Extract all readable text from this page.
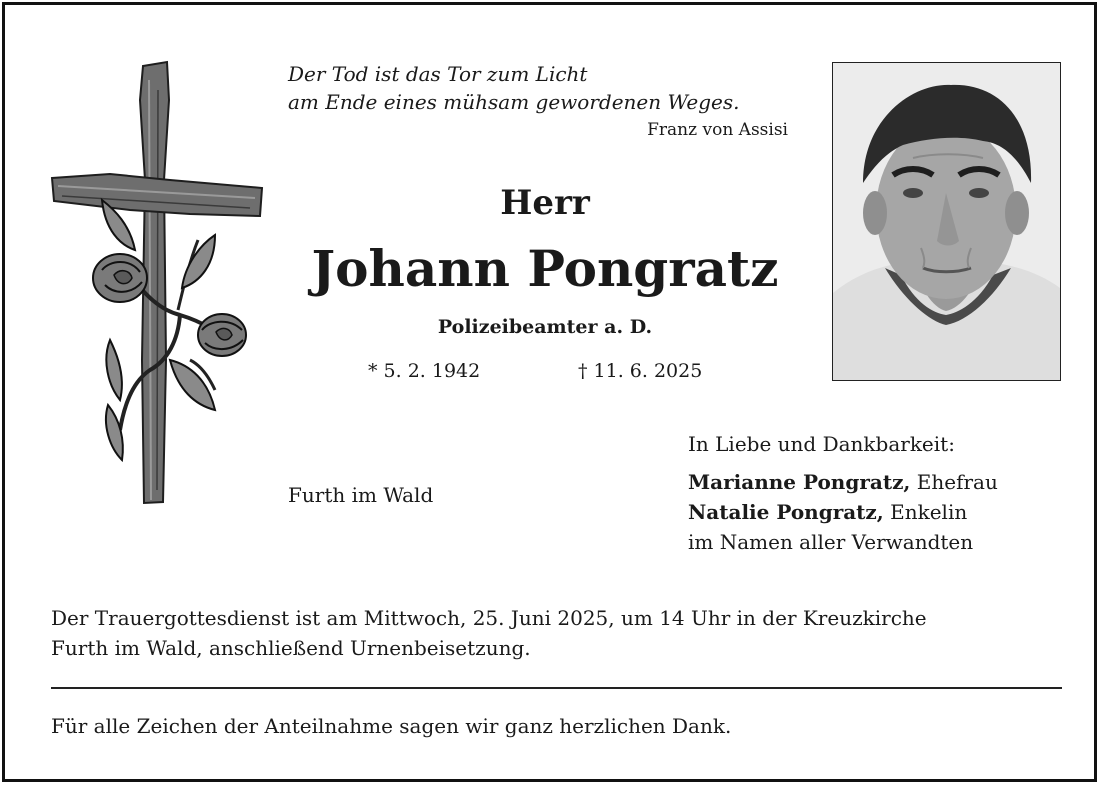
Der Tod ist das Tor zum Licht
am Ende eines mühsam gewordenen Weges.
Franz von Assisi
Herr
Johann Pongratz
Polizeibeamter a. D.
* 5. 2. 1942	† 11. 6. 2025
Furth im Wald
In Liebe und Dankbarkeit:
Marianne Pongratz, Ehefrau
Natalie Pongratz, Enkelin
im Namen aller Verwandten
Der Trauergottesdienst ist am Mittwoch, 25. Juni 2025, um 14 Uhr in der Kreuzkirche
Furth im Wald, anschließend Urnenbeisetzung.
Für alle Zeichen der Anteilnahme sagen wir ganz herzlichen Dank.
